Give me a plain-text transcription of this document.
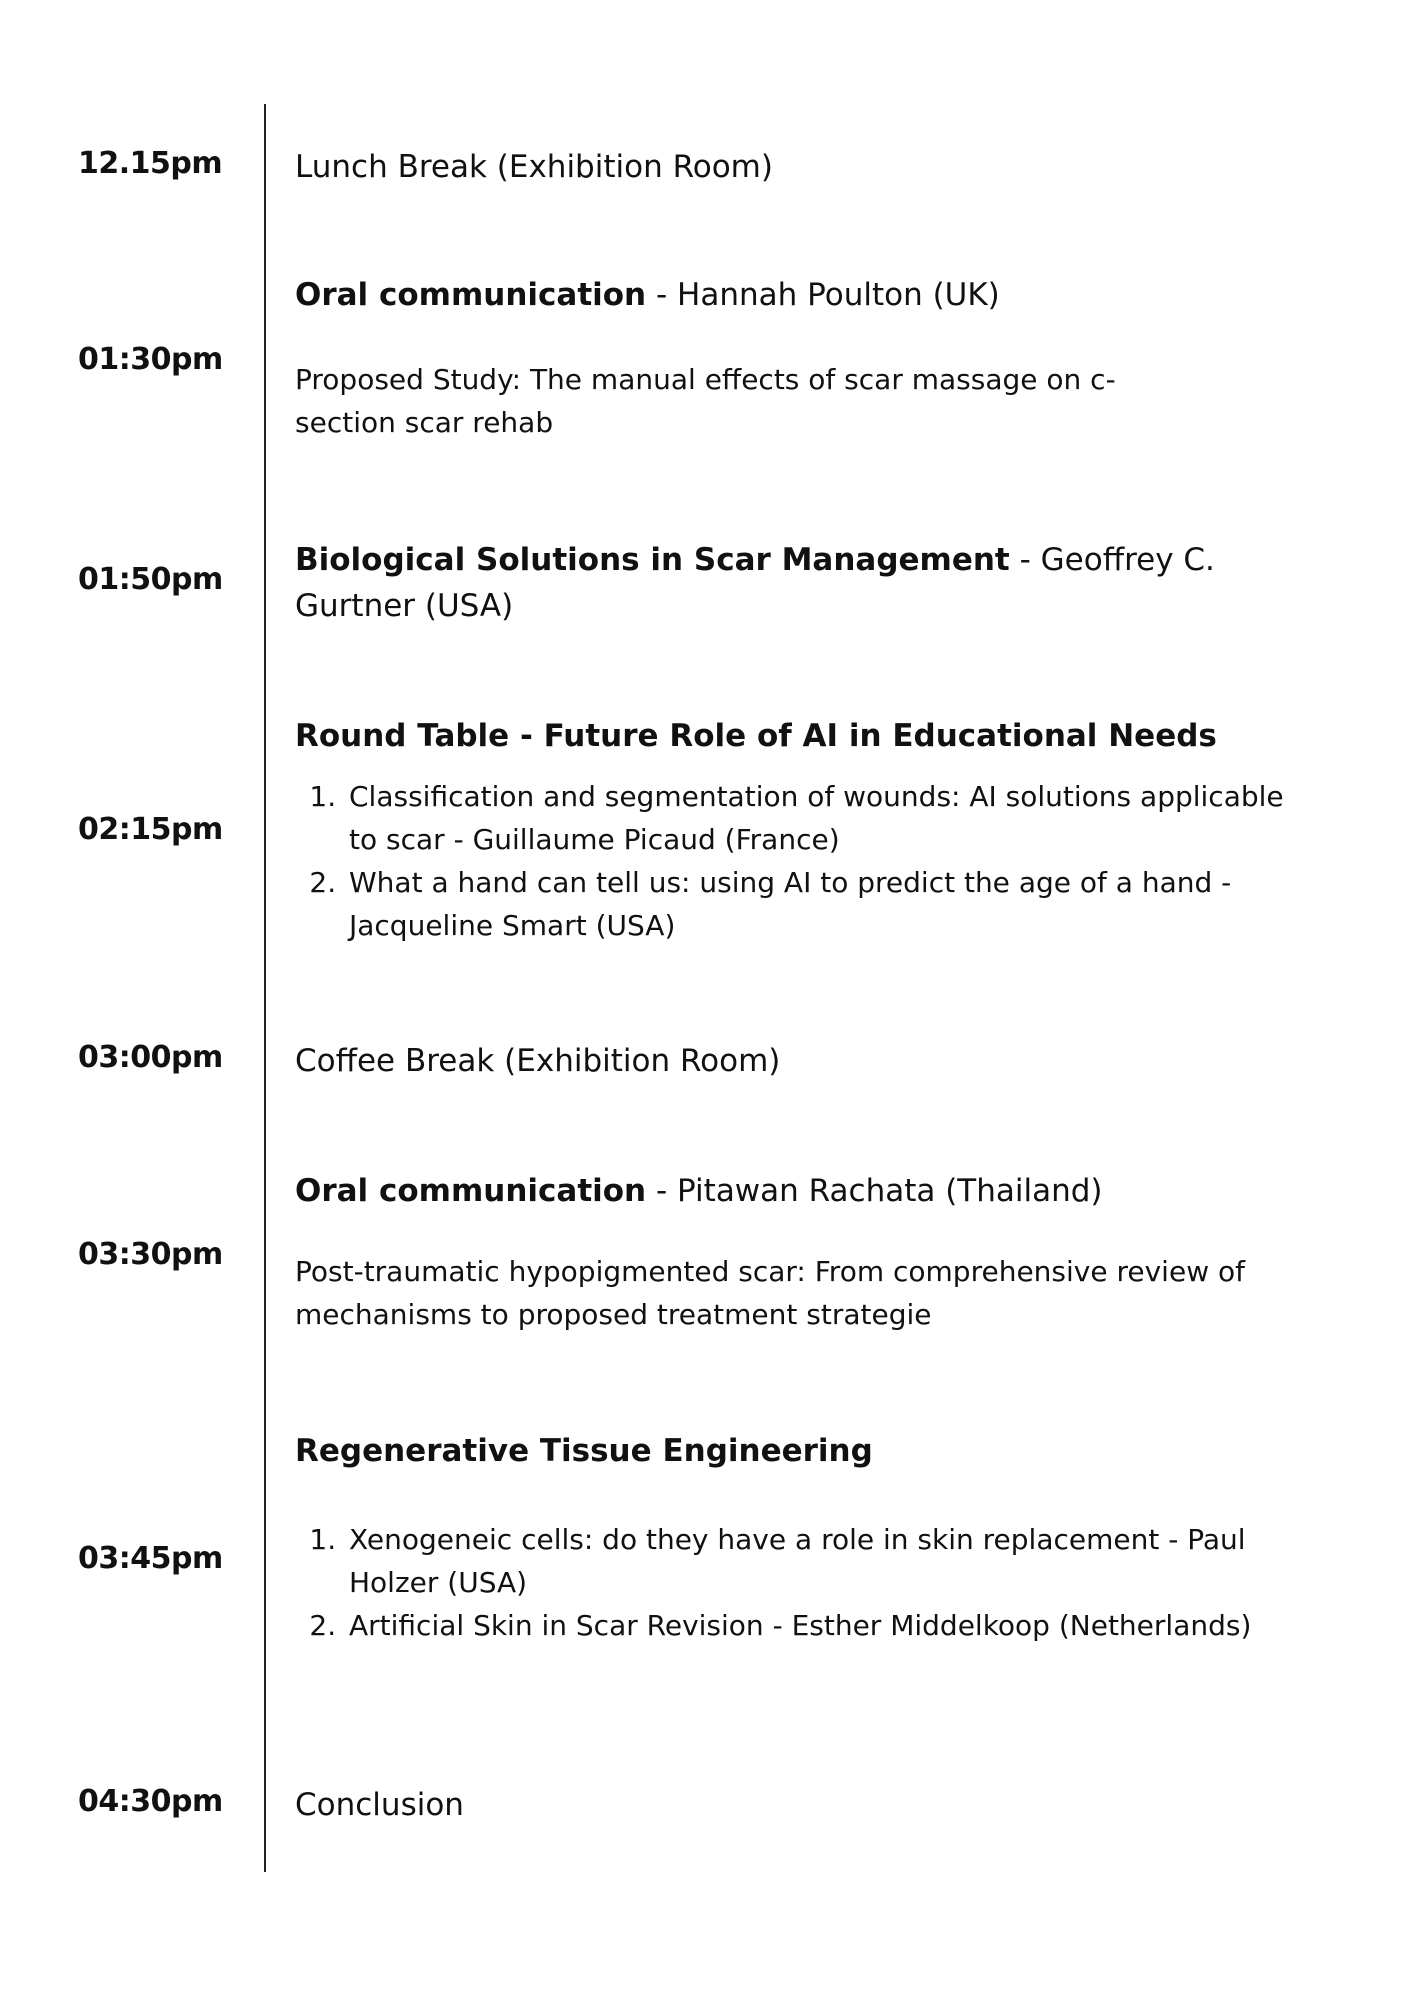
12.15pm Lunch Break (Exhibition Room)

01:30pm

Oral communication - Hannah Poulton (UK)

Proposed Study: The manual effects of scar massage on c-section scar rehab

01:50pm

Biological Solutions in Scar Management - Geoffrey C. Gurtner (USA)

02:15pm

Round Table - Future Role of AI in Educational Needs

1. Classification and segmentation of wounds: AI solutions applicable to scar - Guillaume Picaud (France)
2. What a hand can tell us: using AI to predict the age of a hand - Jacqueline Smart (USA)
03:00pm Coffee Break (Exhibition Room)

03:30pm

Oral communication - Pitawan Rachata (Thailand)

Post-traumatic hypopigmented scar: From comprehensive review of mechanisms to proposed treatment strategie

03:45pm

Regenerative Tissue Engineering

1. Xenogeneic cells: do they have a role in skin replacement - Paul Holzer (USA)
2. Artificial Skin in Scar Revision - Esther Middelkoop (Netherlands)
04:30pm Conclusion
